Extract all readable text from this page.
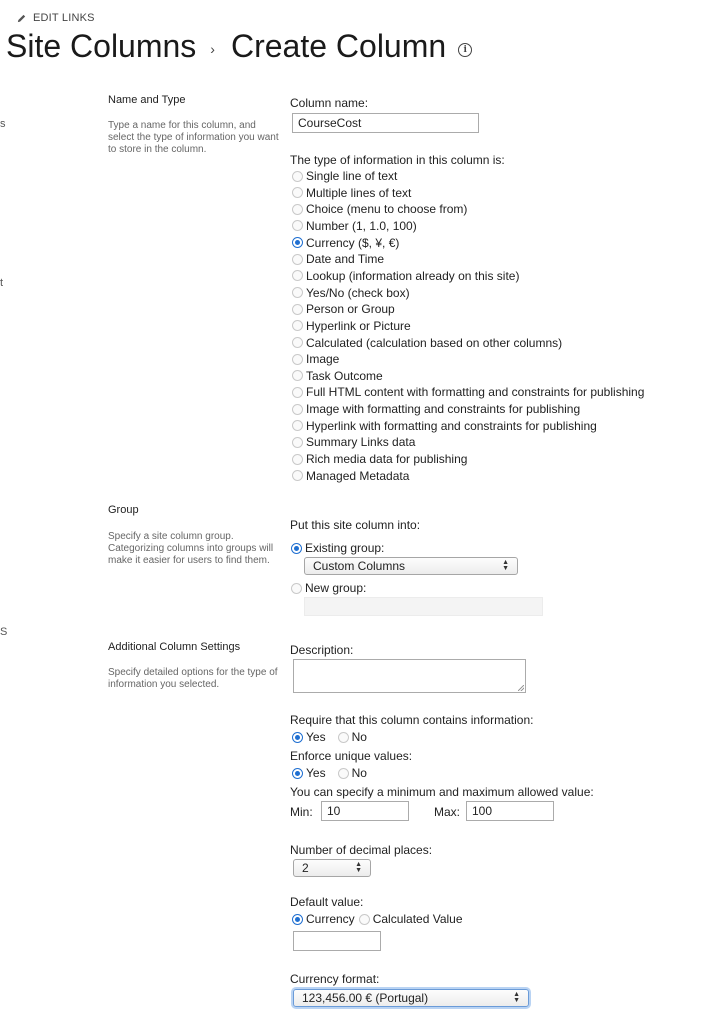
EDIT LINKS
Site Columns › Create Column	i
s
t
S
Name and Type
Type a name for this column, and select the type of information you want to store in the column.
Column name:
CourseCost
The type of information in this column is:
Single line of text
Multiple lines of text
Choice (menu to choose from)
Number (1, 1.0, 100)
Currency ($, ¥, €)
Date and Time
Lookup (information already on this site)
Yes/No (check box)
Person or Group
Hyperlink or Picture
Calculated (calculation based on other columns)
Image
Task Outcome
Full HTML content with formatting and constraints for publishing
Image with formatting and constraints for publishing
Hyperlink with formatting and constraints for publishing
Summary Links data
Rich media data for publishing
Managed Metadata
Group
Specify a site column group. Categorizing columns into groups will make it easier for users to find them.
Put this site column into:
Existing group:
Custom Columns	▲
▼
New group:
Additional Column Settings
Specify detailed options for the type of information you selected.
Description:
Require that this column contains information:
Yes No
Enforce unique values:
Yes No
You can specify a minimum and maximum allowed value:
Min:	10	Max: 100
Number of decimal places:
2	▲
▼
Default value:
Currency Calculated Value
Currency format:
123,456.00 € (Portugal)	▲
▼
